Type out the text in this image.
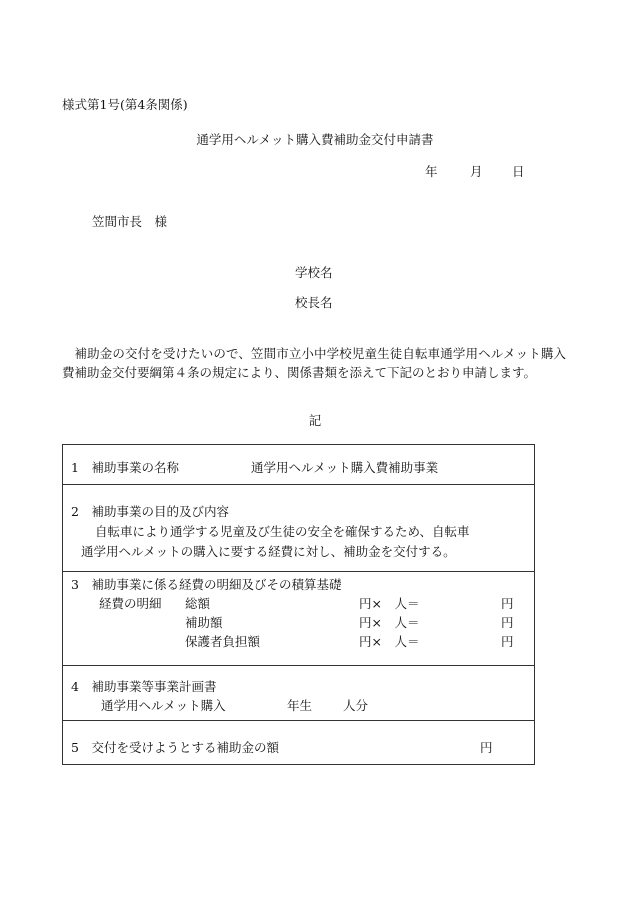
様式第1号(第4条関係)
通学用ヘルメット購入費補助金交付申請書
年	月 日
笠間市長　様
学校名
校長名
補助金の交付を受けたいので、笠間市立小中学校児童生徒自転車通学用ヘルメット購入費補助金交付要綱第４条の規定により、関係書類を添えて下記のとおり申請します。
記
1　補助事業の名称	通学用ヘルメット購入費補助事業
2　補助事業の目的及び内容
自転車により通学する児童及び生徒の安全を確保するため、自転車
通学用ヘルメットの購入に要する経費に対し、補助金を交付する。
3　補助事業に係る経費の明細及びその積算基礎
経費の明細 総額	円×　人＝	円
補助額	円×　人＝	円
保護者負担額	円×　人＝	円
4　補助事業等事業計画書
通学用ヘルメット購入	年生 人分
5　交付を受けようとする補助金の額	円
